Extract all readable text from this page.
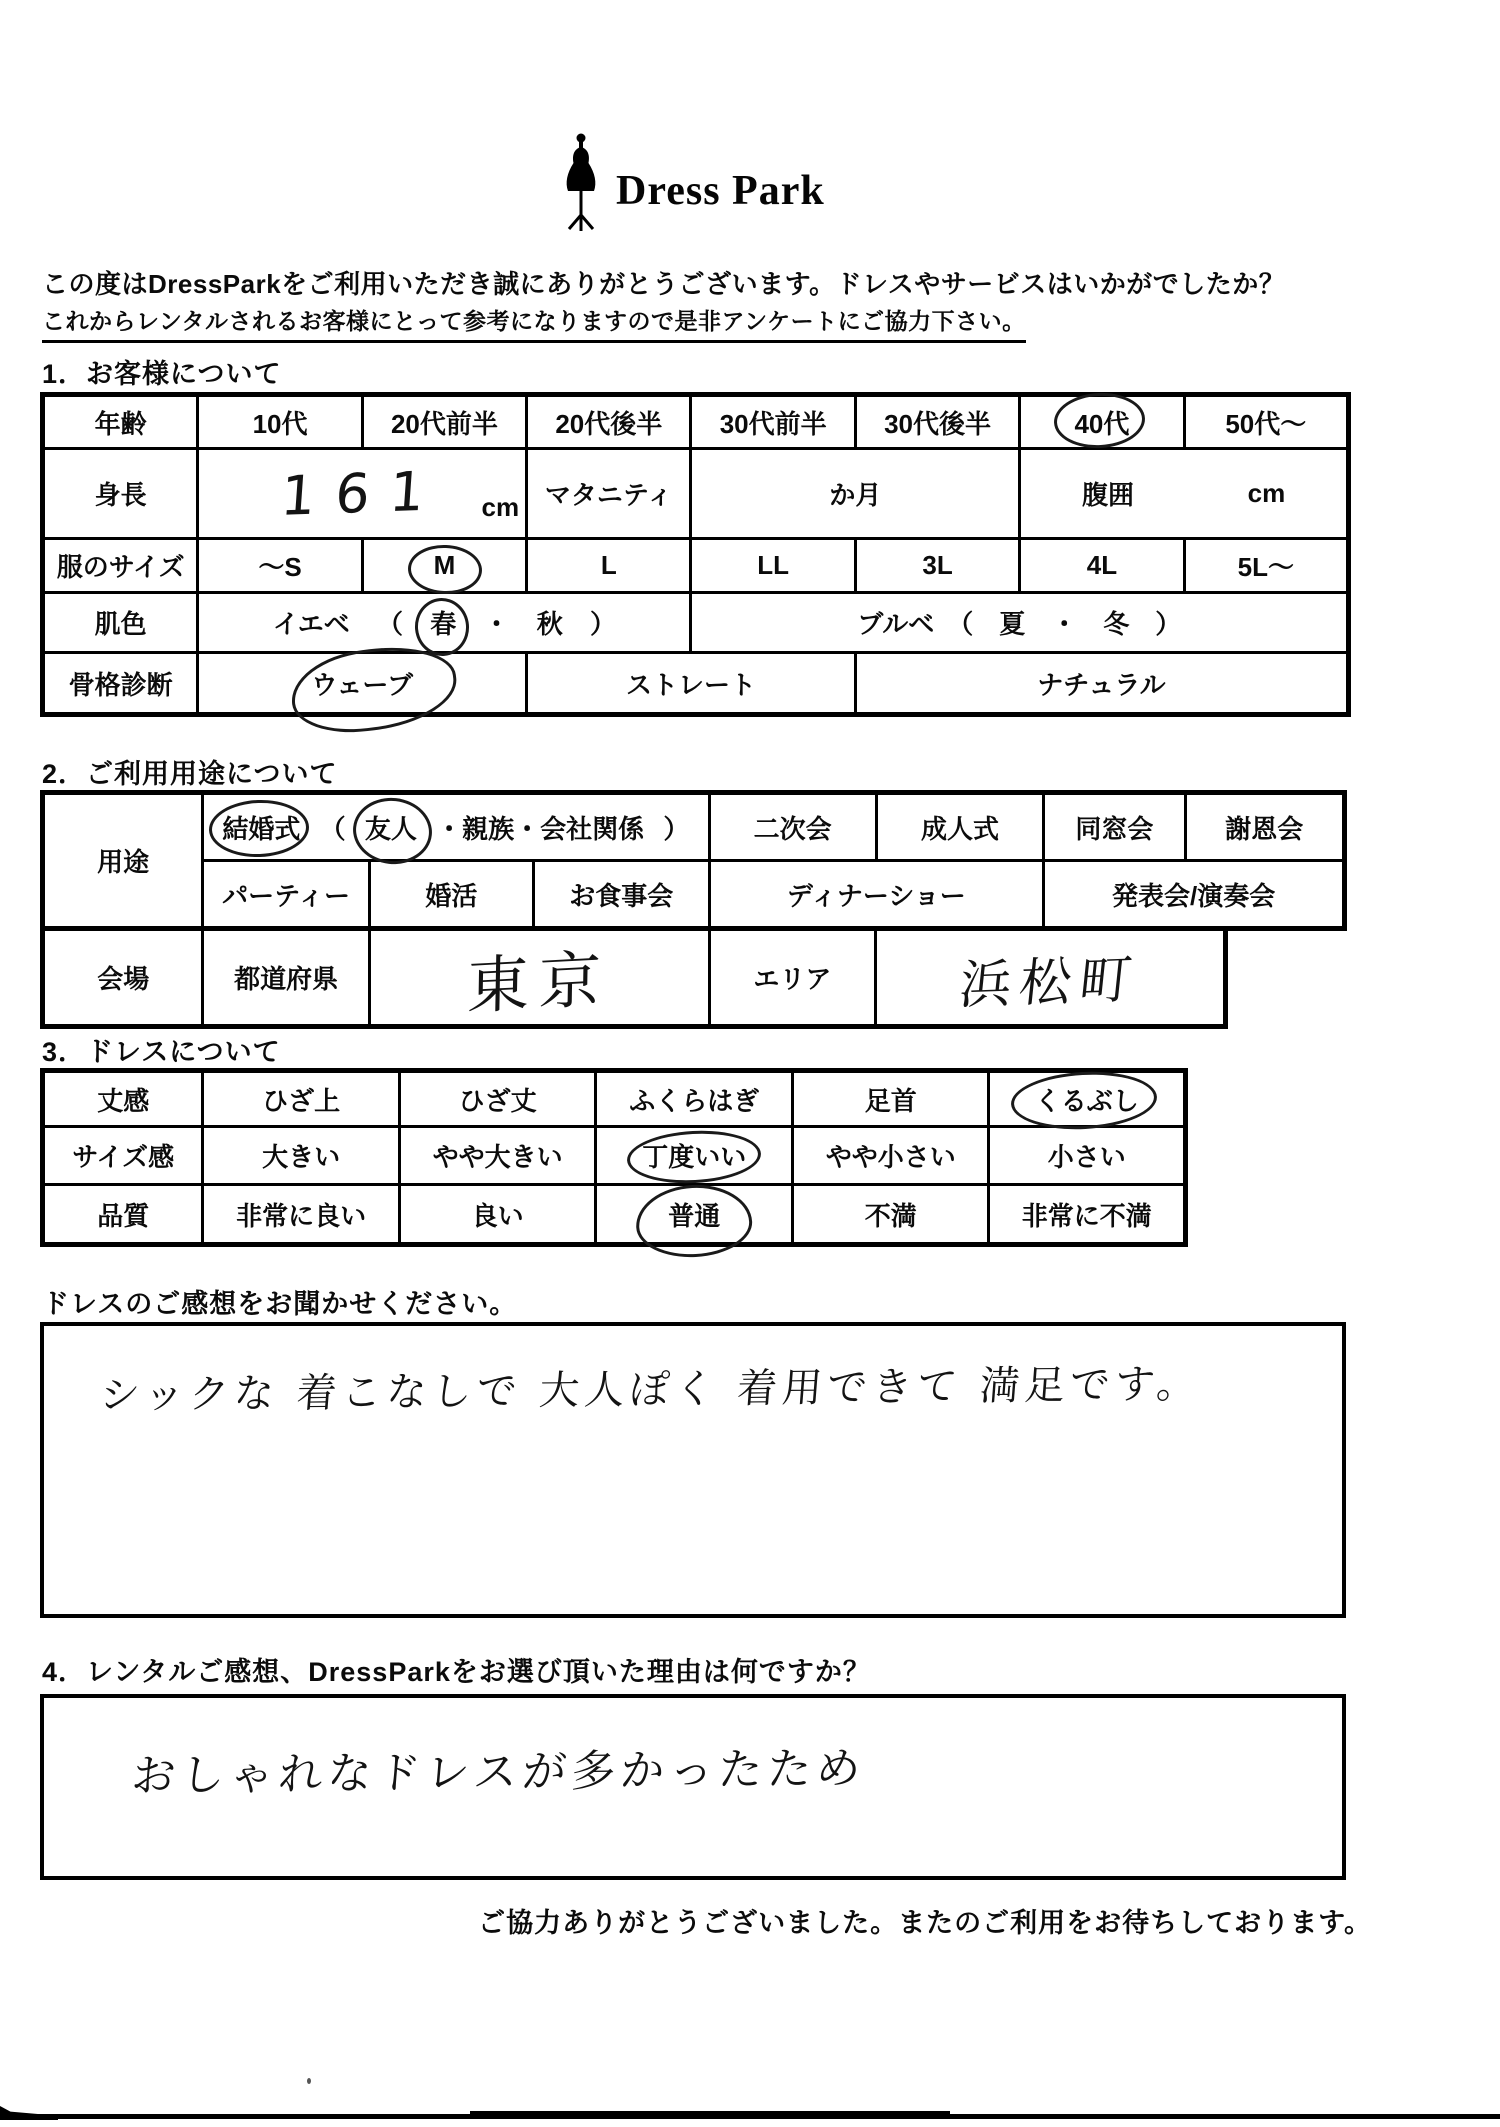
Dress Park
この度はDressParkをご利用いただき誠にありがとうございます。ドレスやサービスはいかがでしたか？
これからレンタルされるお客様にとって参考になりますので是非アンケートにご協力下さい。
1．お客様について
年齢	10代	20代前半	20代後半	30代前半	30代後半	40代	50代～
身長	161 cm		マタニティ	か月		腹囲 cm	

服のサイズ	～S	M	L	LL	3L	4L	5L～
肌色	イエベ （ 春 ・ 秋 ）			ブルベ　（　夏　・　冬　）			
骨格診断	ウェーブ		ストレート		ナチュラル		
2．ご利用用途について
用途	結婚式 （ 友人 ・親族・会社関係 ）			二次会	成人式	同窓会	謝恩会
	パーティー	婚活	お食事会	ディナーショー		発表会/演奏会	
会場	都道府県	東京	エリア	浜松町
3．ドレスについて
丈感	ひざ上	ひざ丈	ふくらはぎ	足首	くるぶし
サイズ感	大きい	やや大きい	丁度いい	やや小さい	小さい
品質	非常に良い	良い	普通	不満	非常に不満
ドレスのご感想をお聞かせください。
シックな 着こなしで 大人ぽく 着用できて 満足です。
4．レンタルご感想、DressParkをお選び頂いた理由は何ですか？
おしゃれなドレスが多かったため
ご協力ありがとうございました。またのご利用をお待ちしております。
